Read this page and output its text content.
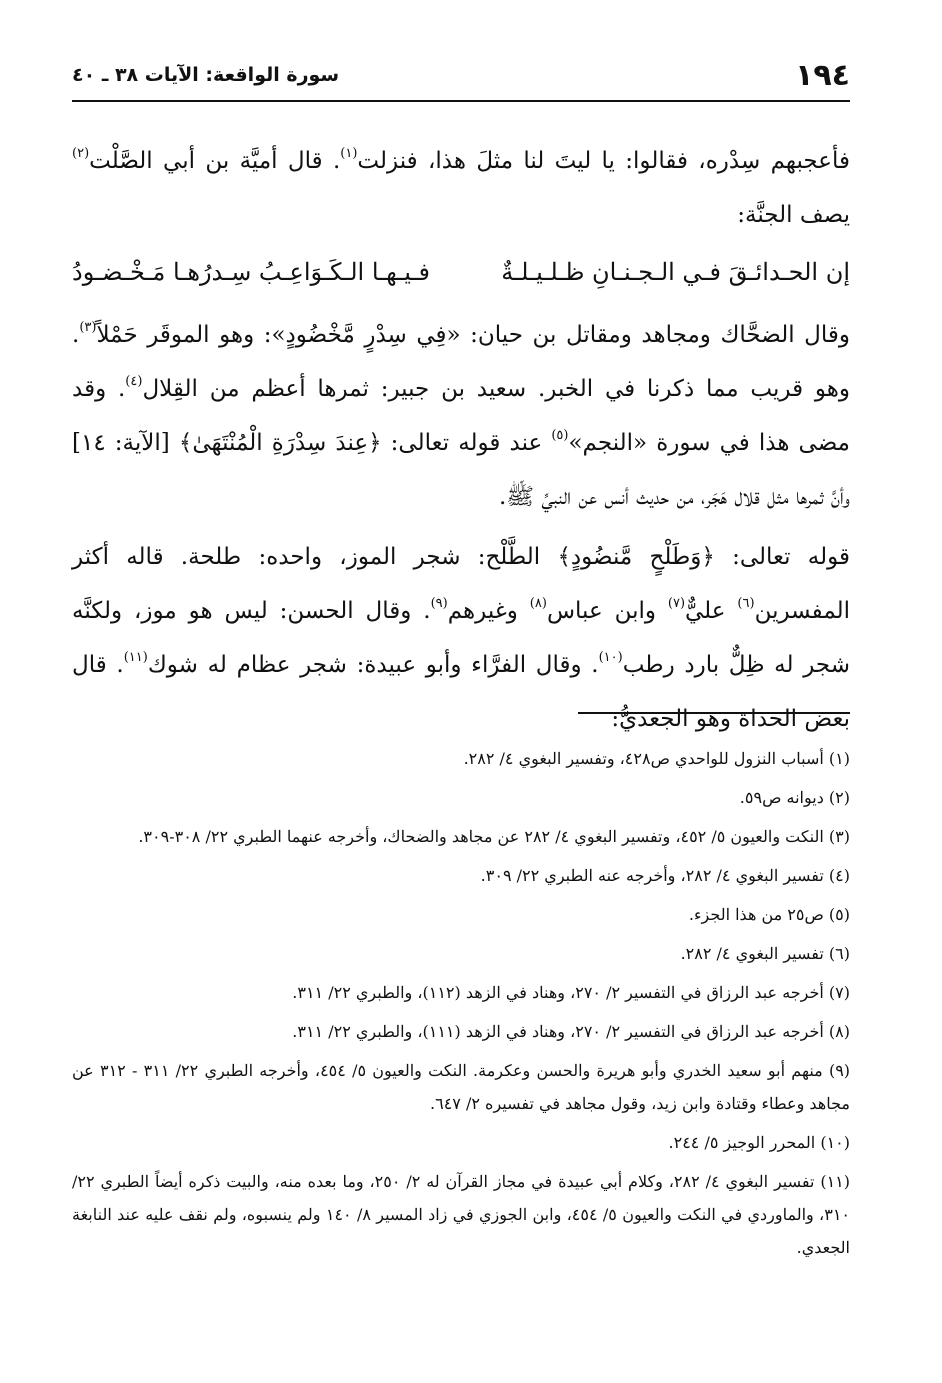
١٩٤
سورة الواقعة: الآيات ٣٨ ـ ٤٠

فأعجبهم سِدْره، فقالوا: يا ليتَ لنا مثلَ هذا، فنزلت$^{(١)}$. قال أميَّة بن أبي الصَّلْت$^{(٢)}$ يصف الجنَّة:

إن الحـدائـقَ فـي الـجـنـانِ ظـلـيـلـةٌ
فـيـهـا الـكَـوَاعِـبُ سِـدرُهـا مَـخْـضـودُ

وقال الضحَّاك ومجاهد ومقاتل بن حيان: «فِي سِدْرٍ مَّخْضُودٍ»: وهو الموقَر حَمْلاً$^{(٣)}$. وهو قريب مما ذكرنا في الخبر. سعيد بن جبير: ثمرها أعظم من القِلال$^{(٤)}$. وقد مضى هذا في سورة «النجم»$^{(٥)}$ عند قوله تعالى: ﴿عِندَ سِدْرَةِ الْمُنْتَهَىٰ﴾ [الآية: ١٤] وأنَّ ثمرها مثل قلال هَجَر، من حديث أنس عن النبيِّ ﷺ.

قوله تعالى: ﴿وَطَلْحٍ مَّنضُودٍ﴾ الطَّلْح: شجر الموز، واحده: طلحة. قاله أكثر المفسرين$^{(٦)}$ عليٌّ$^{(٧)}$ وابن عباس$^{(٨)}$ وغيرهم$^{(٩)}$. وقال الحسن: ليس هو موز، ولكنَّه شجر له ظِلٌّ بارد رطب$^{(١٠)}$. وقال الفرَّاء وأبو عبيدة: شجر عظام له شوك$^{(١١)}$. قال بعض الحداة وهو الجعديُّ:

(١) أسباب النزول للواحدي ص٤٢٨، وتفسير البغوي ٤/ ٢٨٢.

(٢) ديوانه ص٥٩.

(٣) النكت والعيون ٥/ ٤٥٢، وتفسير البغوي ٤/ ٢٨٢ عن مجاهد والضحاك، وأخرجه عنهما الطبري ٢٢/ ٣٠٨-٣٠٩.

(٤) تفسير البغوي ٤/ ٢٨٢، وأخرجه عنه الطبري ٢٢/ ٣٠٩.

(٥) ص٢٥ من هذا الجزء.

(٦) تفسير البغوي ٤/ ٢٨٢.

(٧) أخرجه عبد الرزاق في التفسير ٢/ ٢٧٠، وهناد في الزهد (١١٢)، والطبري ٢٢/ ٣١١.

(٨) أخرجه عبد الرزاق في التفسير ٢/ ٢٧٠، وهناد في الزهد (١١١)، والطبري ٢٢/ ٣١١.

(٩) منهم أبو سعيد الخدري وأبو هريرة والحسن وعكرمة. النكت والعيون ٥/ ٤٥٤، وأخرجه الطبري ٢٢/ ٣١١ - ٣١٢ عن مجاهد وعطاء وقتادة وابن زيد، وقول مجاهد في تفسيره ٢/ ٦٤٧.

(١٠) المحرر الوجيز ٥/ ٢٤٤.

(١١) تفسير البغوي ٤/ ٢٨٢، وكلام أبي عبيدة في مجاز القرآن له ٢/ ٢٥٠، وما بعده منه، والبيت ذكره أيضاً الطبري ٢٢/ ٣١٠، والماوردي في النكت والعيون ٥/ ٤٥٤، وابن الجوزي في زاد المسير ٨/ ١٤٠ ولم ينسبوه، ولم نقف عليه عند النابغة الجعدي.
